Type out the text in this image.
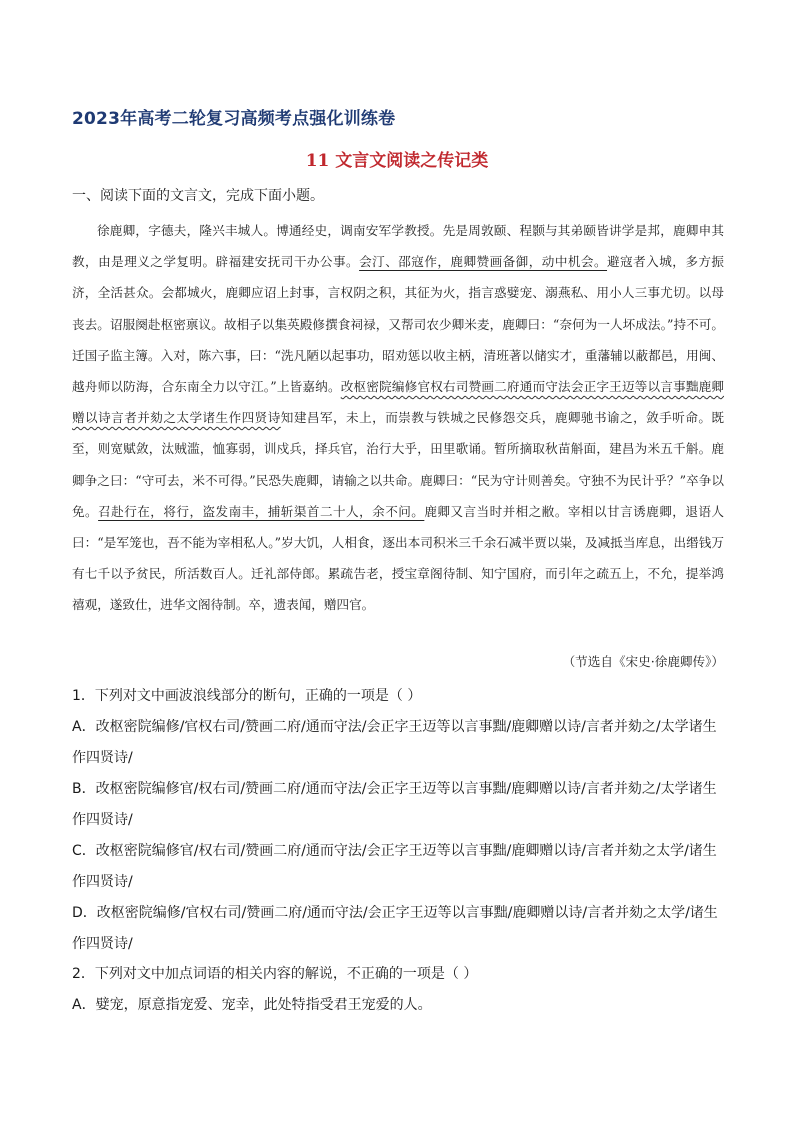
2023年高考二轮复习高频考点强化训练卷
11 文言文阅读之传记类
一、阅读下面的文言文，完成下面小题。
徐鹿卿，字德夫，隆兴丰城人。博通经史，调南安军学教授。先是周敦颐、程颢与其弟颐皆讲学是邦，鹿卿申其教，由是理义之学复明。辟福建安抚司干办公事。会汀、邵寇作，鹿卿赞画备御，动中机会。避寇者入城，多方振济，全活甚众。会都城火，鹿卿应诏上封事，言权阴之积，其征为火，指言惑嬖宠、溺燕私、用小人三事尤切。以母丧去。诏服阕赴枢密禀议。故相子以集英殿修撰食祠禄，又帮司农少卿米麦，鹿卿曰：“奈何为一人坏成法。”持不可。迁国子监主簿。入对，陈六事，曰：“洗凡陋以起事功，昭劝惩以收主柄，清班著以储实才，重藩辅以蔽都邑，用闽、越舟师以防海，合东南全力以守江。”上皆嘉纳。改枢密院编修官权右司赞画二府通而守法会正字王迈等以言事黜鹿卿赠以诗言者并劾之太学诸生作四贤诗知建昌军，未上，而崇教与铁城之民修怨交兵，鹿卿驰书谕之，敛手听命。既至，则宽赋敛，汰贼滥，恤寡弱，训戍兵，择兵官，治行大乎，田里歌诵。暂所摘取秋苗斛面，建昌为米五千斛。鹿卿争之曰：“守可去，米不可得。”民恐失鹿卿，请输之以共命。鹿卿曰：“民为守计则善矣。守独不为民计乎？”卒争以免。召赴行在，将行，盗发南丰，捕斩渠首二十人，余不问。鹿卿又言当时并相之敝。宰相以甘言诱鹿卿，退语人曰：“是军笼也，吾不能为宰相私人。”岁大饥，人相食，逐出本司积米三千余石减半贾以粜，及减抵当库息，出缗钱万有七千以予贫民，所活数百人。迁礼部侍郎。累疏告老，授宝章阁待制、知宁国府，而引年之疏五上，不允，提举鸿禧观，遂致仕，进华文阁待制。卒，遗表闻，赠四官。
（节选自《宋史·徐鹿卿传》）
1．下列对文中画波浪线部分的断句，正确的一项是（ ）
A．改枢密院编修/官权右司/赞画二府/通而守法/会正字王迈等以言事黜/鹿卿赠以诗/言者并劾之/太学诸生作四贤诗/
B．改枢密院编修官/权右司/赞画二府/通而守法/会正字王迈等以言事黜/鹿卿赠以诗/言者并劾之/太学诸生作四贤诗/
C．改枢密院编修官/权右司/赞画二府/通而守法/会正字王迈等以言事黜/鹿卿赠以诗/言者并劾之太学/诸生作四贤诗/
D．改枢密院编修/官权右司/赞画二府/通而守法/会正字王迈等以言事黜/鹿卿赠以诗/言者并劾之太学/诸生作四贤诗/
2．下列对文中加点词语的相关内容的解说，不正确的一项是（ ）
A．嬖宠，原意指宠爱、宠幸，此处特指受君王宠爱的人。
